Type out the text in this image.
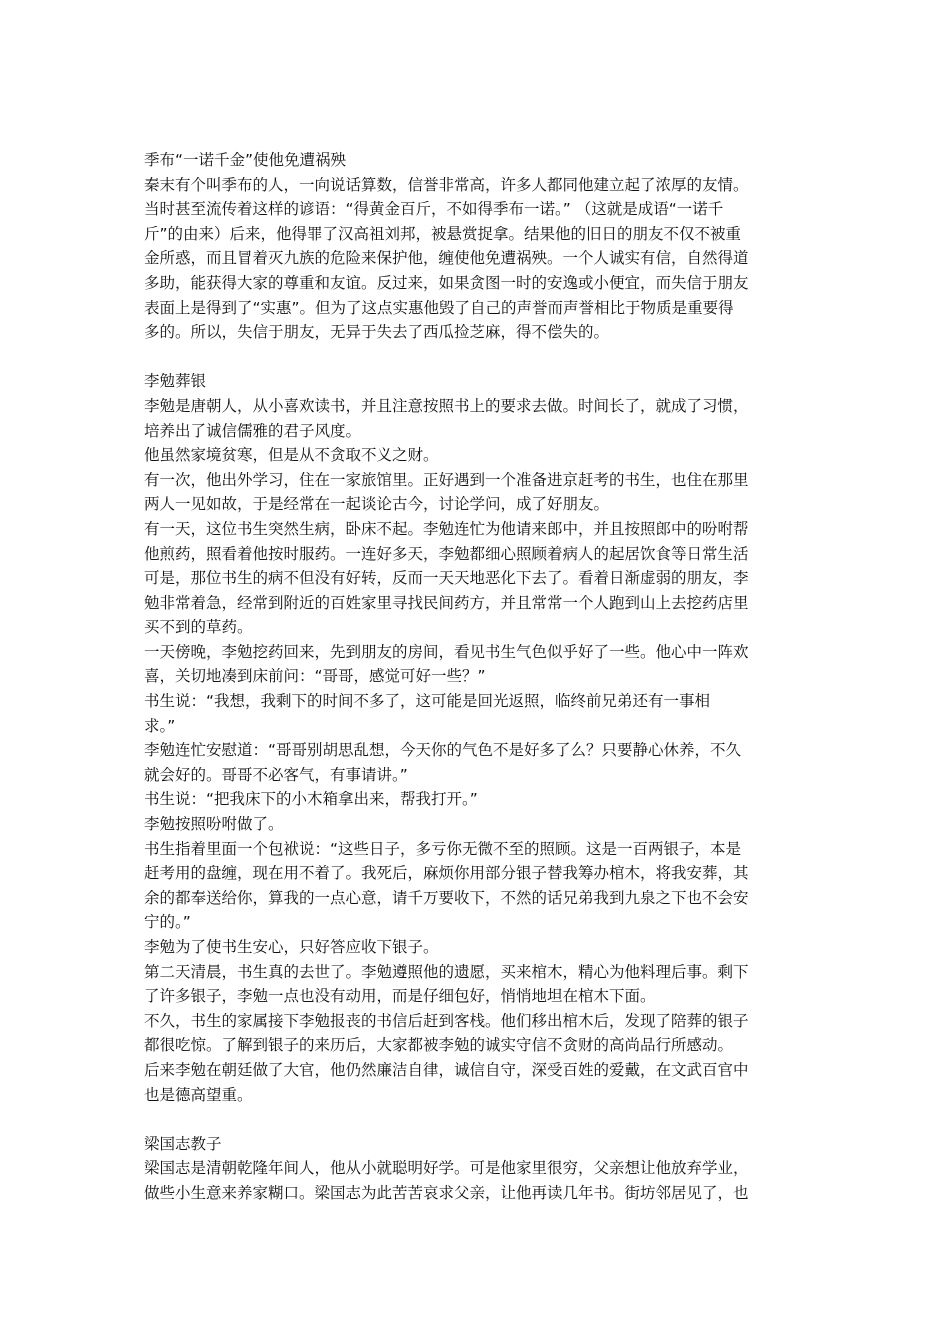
季布“一诺千金”使他免遭祸殃
秦末有个叫季布的人，一向说话算数，信誉非常高，许多人都同他建立起了浓厚的友情。
当时甚至流传着这样的谚语：“得黄金百斤，不如得季布一诺。” （这就是成语“一诺千
斤”的由来）后来，他得罪了汉高祖刘邦，被悬赏捉拿。结果他的旧日的朋友不仅不被重
金所惑，而且冒着灭九族的危险来保护他，缠使他免遭祸殃。一个人诚实有信，自然得道
多助，能获得大家的尊重和友谊。反过来，如果贪图一时的安逸或小便宜，而失信于朋友
表面上是得到了“实惠”。但为了这点实惠他毁了自己的声誉而声誉相比于物质是重要得
多的。所以，失信于朋友，无异于失去了西瓜捡芝麻，得不偿失的。
李勉葬银
李勉是唐朝人，从小喜欢读书，并且注意按照书上的要求去做。时间长了，就成了习惯，
培养出了诚信儒雅的君子风度。
他虽然家境贫寒，但是从不贪取不义之财。
有一次，他出外学习，住在一家旅馆里。正好遇到一个准备进京赶考的书生，也住在那里
两人一见如故，于是经常在一起谈论古今，讨论学问，成了好朋友。
有一天，这位书生突然生病，卧床不起。李勉连忙为他请来郎中，并且按照郎中的吩咐帮
他煎药，照看着他按时服药。一连好多天，李勉都细心照顾着病人的起居饮食等日常生活
可是，那位书生的病不但没有好转，反而一天天地恶化下去了。看着日渐虚弱的朋友，李
勉非常着急，经常到附近的百姓家里寻找民间药方，并且常常一个人跑到山上去挖药店里
买不到的草药。
一天傍晚，李勉挖药回来，先到朋友的房间，看见书生气色似乎好了一些。他心中一阵欢
喜，关切地凑到床前问：“哥哥，感觉可好一些？”
书生说：“我想，我剩下的时间不多了，这可能是回光返照，临终前兄弟还有一事相
求。”
李勉连忙安慰道：“哥哥别胡思乱想，今天你的气色不是好多了么？只要静心休养，不久
就会好的。哥哥不必客气，有事请讲。”
书生说：“把我床下的小木箱拿出来，帮我打开。”
李勉按照吩咐做了。
书生指着里面一个包袱说：“这些日子，多亏你无微不至的照顾。这是一百两银子，本是
赶考用的盘缠，现在用不着了。我死后，麻烦你用部分银子替我筹办棺木，将我安葬，其
余的都奉送给你，算我的一点心意，请千万要收下，不然的话兄弟我到九泉之下也不会安
宁的。”
李勉为了使书生安心，只好答应收下银子。
第二天清晨，书生真的去世了。李勉遵照他的遗愿，买来棺木，精心为他料理后事。剩下
了许多银子，李勉一点也没有动用，而是仔细包好，悄悄地坦在棺木下面。
不久，书生的家属接下李勉报丧的书信后赶到客栈。他们移出棺木后，发现了陪葬的银子
都很吃惊。了解到银子的来历后，大家都被李勉的诚实守信不贪财的高尚品行所感动。
后来李勉在朝廷做了大官，他仍然廉洁自律，诚信自守，深受百姓的爱戴，在文武百官中
也是德高望重。
梁国志教子
梁国志是清朝乾隆年间人，他从小就聪明好学。可是他家里很穷，父亲想让他放弃学业，
做些小生意来养家糊口。梁国志为此苦苦哀求父亲，让他再读几年书。街坊邻居见了，也
